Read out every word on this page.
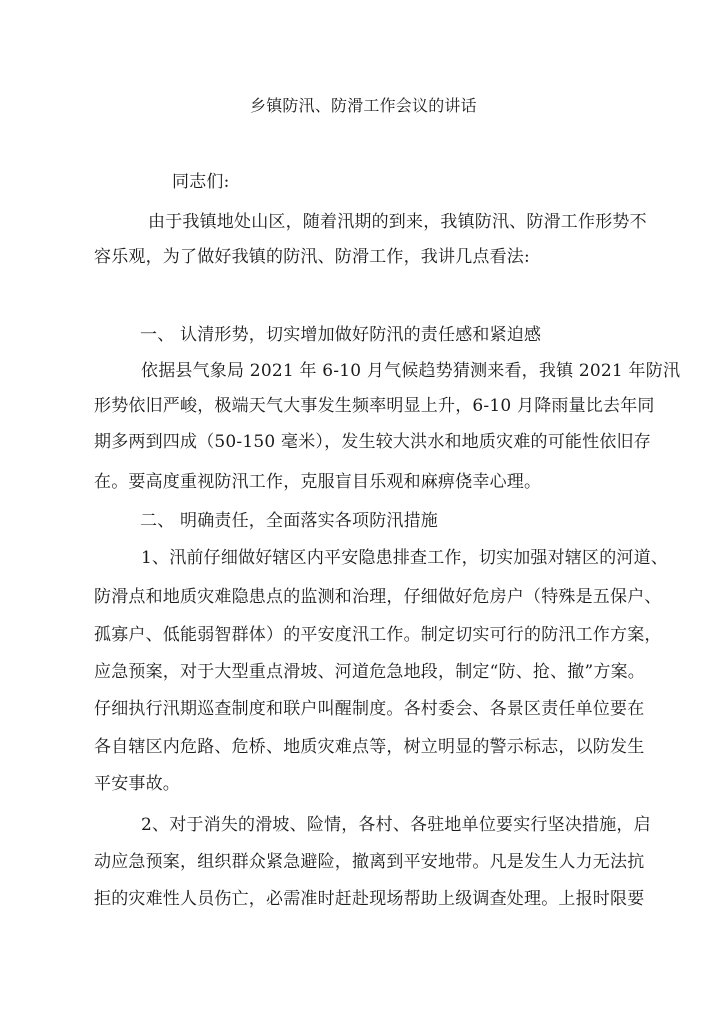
乡镇防汛、防滑工作会议的讲话
同志们:
由于我镇地处山区，随着汛期的到来，我镇防汛、防滑工作形势不
容乐观，为了做好我镇的防汛、防滑工作，我讲几点看法:
一、 认清形势，切实增加做好防汛的责任感和紧迫感
依据县气象局 2021 年 6-10 月气候趋势猜测来看，我镇 2021 年防汛
形势依旧严峻，极端天气大事发生频率明显上升，6-10 月降雨量比去年同
期多两到四成（50-150 毫米），发生较大洪水和地质灾难的可能性依旧存
在。要高度重视防汛工作，克服盲目乐观和麻痹侥幸心理。
二、 明确责任，全面落实各项防汛措施
1、汛前仔细做好辖区内平安隐患排查工作，切实加强对辖区的河道、
防滑点和地质灾难隐患点的监测和治理，仔细做好危房户（特殊是五保户、
孤寡户、低能弱智群体）的平安度汛工作。制定切实可行的防汛工作方案，
应急预案，对于大型重点滑坡、河道危急地段，制定“防、抢、撤”方案。
仔细执行汛期巡查制度和联户叫醒制度。各村委会、各景区责任单位要在
各自辖区内危路、危桥、地质灾难点等，树立明显的警示标志，以防发生
平安事故。
2、对于消失的滑坡、险情，各村、各驻地单位要实行坚决措施，启
动应急预案，组织群众紧急避险，撤离到平安地带。凡是发生人力无法抗
拒的灾难性人员伤亡，必需准时赶赴现场帮助上级调查处理。上报时限要
